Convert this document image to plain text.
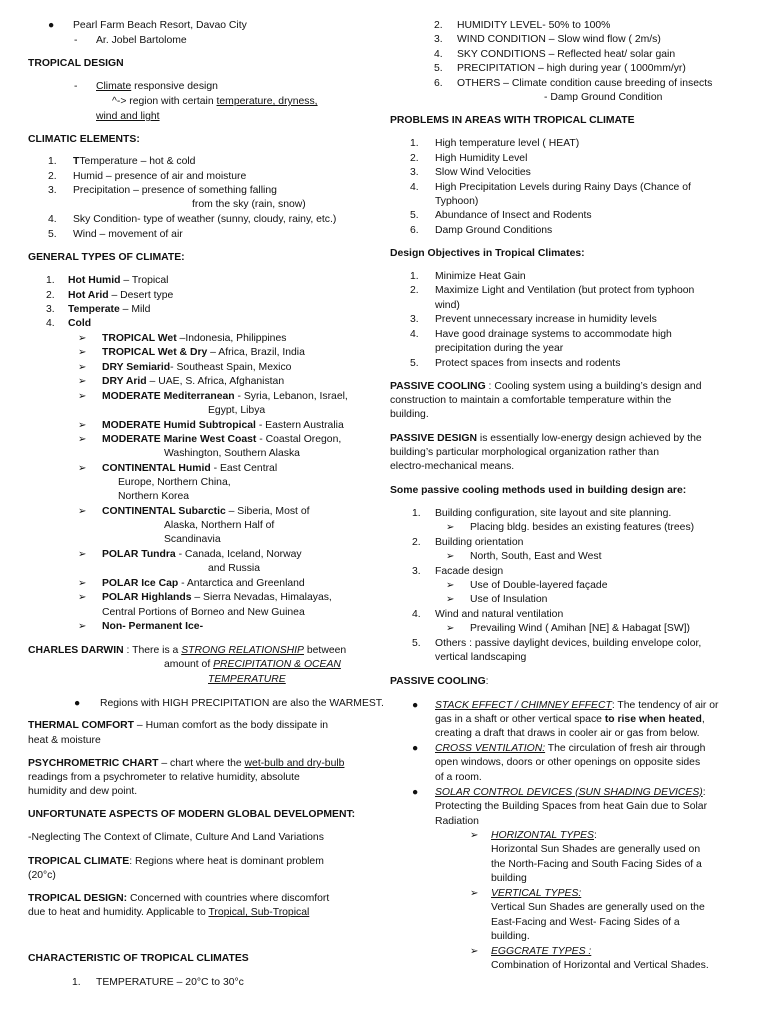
● Pearl Farm Beach Resort, Davao City
- Ar. Jobel Bartolome
TROPICAL DESIGN
- Climate responsive design
^-> region with certain temperature, dryness,
wind and light
CLIMATIC ELEMENTS:
1. TTemperature – hot & cold
2. Humid – presence of air and moisture
3. Precipitation – presence of something falling
from the sky (rain, snow)
4. Sky Condition- type of weather (sunny, cloudy, rainy, etc.)
5. Wind – movement of air
GENERAL TYPES OF CLIMATE:
1. Hot Humid – Tropical
2. Hot Arid – Desert type
3. Temperate – Mild
4. Cold
➢ TROPICAL Wet –Indonesia, Philippines
➢ TROPICAL Wet & Dry – Africa, Brazil, India
➢ DRY Semiarid- Southeast Spain, Mexico
➢ DRY Arid – UAE, S. Africa, Afghanistan
➢ MODERATE Mediterranean - Syria, Lebanon, Israel,
Egypt, Libya
➢ MODERATE Humid Subtropical - Eastern Australia
➢ MODERATE Marine West Coast - Coastal Oregon,
Washington, Southern Alaska
➢ CONTINENTAL Humid - East Central
Europe, Northern China,
Northern Korea
➢ CONTINENTAL Subarctic – Siberia, Most of
Alaska, Northern Half of
Scandinavia
➢ POLAR Tundra - Canada, Iceland, Norway
and Russia
➢ POLAR Ice Cap - Antarctica and Greenland
➢ POLAR Highlands – Sierra Nevadas, Himalayas,
Central Portions of Borneo and New Guinea
➢ Non- Permanent Ice-
CHARLES DARWIN : There is a STRONG RELATIONSHIP between
amount of PRECIPITATION & OCEAN
TEMPERATURE
● Regions with HIGH PRECIPITATION are also the WARMEST.
THERMAL COMFORT – Human comfort as the body dissipate in
heat & moisture
PSYCHROMETRIC CHART – chart where the wet-bulb and dry-bulb
readings from a psychrometer to relative humidity, absolute
humidity and dew point.
UNFORTUNATE ASPECTS OF MODERN GLOBAL DEVELOPMENT:
-Neglecting The Context of Climate, Culture And Land Variations
TROPICAL CLIMATE: Regions where heat is dominant problem
(20°c)
TROPICAL DESIGN: Concerned with countries where discomfort
due to heat and humidity. Applicable to Tropical, Sub-Tropical
CHARACTERISTIC OF TROPICAL CLIMATES
1. TEMPERATURE – 20°C to 30°c
2. HUMIDITY LEVEL- 50% to 100%
3. WIND CONDITION – Slow wind flow ( 2m/s)
4. SKY CONDITIONS – Reflected heat/ solar gain
5. PRECIPITATION – high during year ( 1000mm/yr)
6. OTHERS – Climate condition cause breeding of insects
- Damp Ground Condition
PROBLEMS IN AREAS WITH TROPICAL CLIMATE
1. High temperature level ( HEAT)
2. High Humidity Level
3. Slow Wind Velocities
4. High Precipitation Levels during Rainy Days (Chance of
Typhoon)
5. Abundance of Insect and Rodents
6. Damp Ground Conditions
Design Objectives in Tropical Climates:
1. Minimize Heat Gain
2. Maximize Light and Ventilation (but protect from typhoon
wind)
3. Prevent unnecessary increase in humidity levels
4. Have good drainage systems to accommodate high
precipitation during the year
5. Protect spaces from insects and rodents
PASSIVE COOLING : Cooling system using a building’s design and
construction to maintain a comfortable temperature within the
building.
PASSIVE DESIGN is essentially low-energy design achieved by the
building’s particular morphological organization rather than
electro-mechanical means.
Some passive cooling methods used in building design are:
1. Building configuration, site layout and site planning.
➢ Placing bldg. besides an existing features (trees)
2. Building orientation
➢ North, South, East and West
3. Facade design
➢ Use of Double-layered façade
➢ Use of Insulation
4. Wind and natural ventilation
➢ Prevailing Wind ( Amihan [NE] & Habagat [SW])
5. Others : passive daylight devices, building envelope color,
vertical landscaping
PASSIVE COOLING:
● STACK EFFECT / CHIMNEY EFFECT: The tendency of air or
gas in a shaft or other vertical space to rise when heated,
creating a draft that draws in cooler air or gas from below.
● CROSS VENTILATION: The circulation of fresh air through
open windows, doors or other openings on opposite sides
of a room.
● SOLAR CONTROL DEVICES (SUN SHADING DEVICES):
Protecting the Building Spaces from heat Gain due to Solar
Radiation
➢ HORIZONTAL TYPES:
Horizontal Sun Shades are generally used on
the North-Facing and South Facing Sides of a
building
➢ VERTICAL TYPES:
Vertical Sun Shades are generally used on the
East-Facing and West- Facing Sides of a
building.
➢ EGGCRATE TYPES :
Combination of Horizontal and Vertical Shades.
